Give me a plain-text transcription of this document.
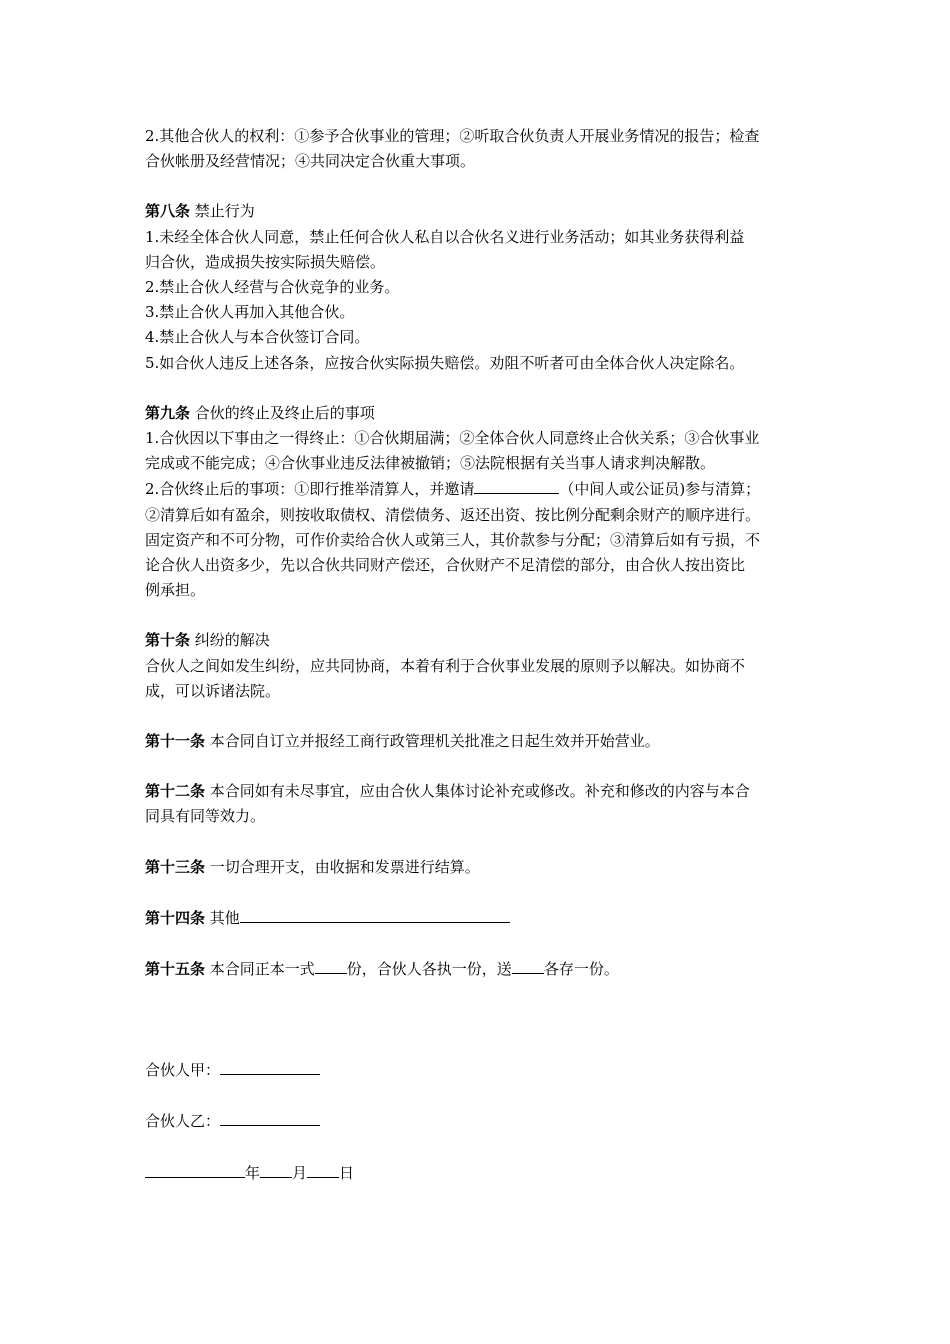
2.其他合伙人的权利：①参予合伙事业的管理；②听取合伙负责人开展业务情况的报告；检查

合伙帐册及经营情况；④共同决定合伙重大事项。

第八条 禁止行为

1.未经全体合伙人同意，禁止任何合伙人私自以合伙名义进行业务活动；如其业务获得利益

归合伙，造成损失按实际损失赔偿。

2.禁止合伙人经营与合伙竞争的业务。

3.禁止合伙人再加入其他合伙。

4.禁止合伙人与本合伙签订合同。

5.如合伙人违反上述各条，应按合伙实际损失赔偿。劝阻不听者可由全体合伙人决定除名。

第九条 合伙的终止及终止后的事项

1.合伙因以下事由之一得终止：①合伙期届满；②全体合伙人同意终止合伙关系；③合伙事业

完成或不能完成；④合伙事业违反法律被撤销；⑤法院根据有关当事人请求判决解散。

2.合伙终止后的事项：①即行推举清算人，并邀请	（中间人或公证员)参与清算；

②清算后如有盈余，则按收取债权、清偿债务、返还出资、按比例分配剩余财产的顺序进行。

固定资产和不可分物，可作价卖给合伙人或第三人，其价款参与分配；③清算后如有亏损，不

论合伙人出资多少，先以合伙共同财产偿还，合伙财产不足清偿的部分，由合伙人按出资比

例承担。

第十条 纠纷的解决

合伙人之间如发生纠纷，应共同协商，本着有利于合伙事业发展的原则予以解决。如协商不

成，可以诉诸法院。

第十一条 本合同自订立并报经工商行政管理机关批准之日起生效并开始营业。

第十二条 本合同如有未尽事宜，应由合伙人集体讨论补充或修改。补充和修改的内容与本合

同具有同等效力。

第十三条 一切合理开支，由收据和发票进行结算。

第十四条 其他

第十五条 本合同正本一式 份，合伙人各执一份，送 各存一份。

合伙人甲：

合伙人乙：

年 月 日
